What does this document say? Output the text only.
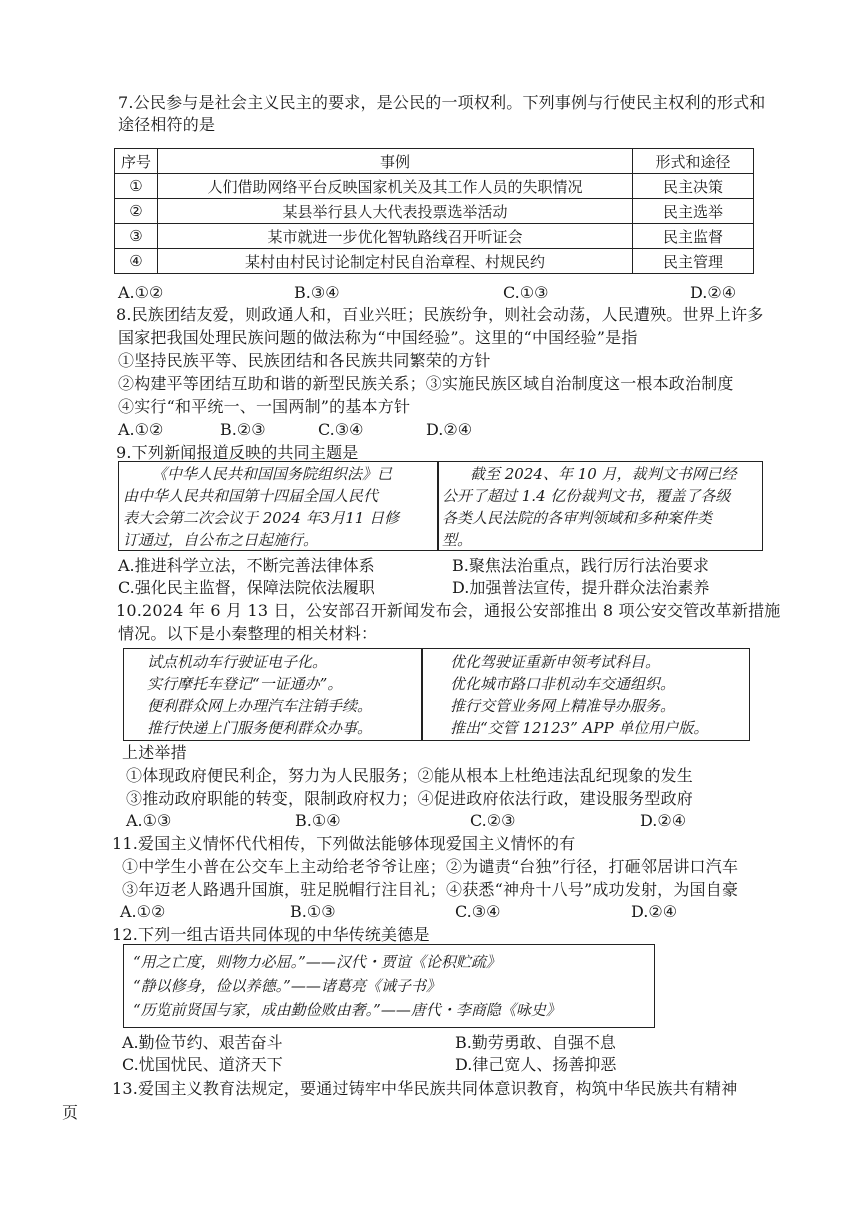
7.公民参与是社会主义民主的要求，是公民的一项权利。下列事例与行使民主权利的形式和
途径相符的是
序号	事例	形式和途径
①	人们借助网络平台反映国家机关及其工作人员的失职情况	民主决策
②	某县举行县人大代表投票选举活动	民主选举
③	某市就进一步优化智轨路线召开听证会	民主监督
④	某村由村民讨论制定村民自治章程、村规民约	民主管理
A.①②	B.③④	C.①③	D.②④
8.民族团结友爱，则政通人和，百业兴旺；民族纷争，则社会动荡，人民遭殃。世界上许多
国家把我国处理民族问题的做法称为“中国经验”。这里的“中国经验”是指
①坚持民族平等、民族团结和各民族共同繁荣的方针
②构建平等团结互助和谐的新型民族关系；③实施民族区域自治制度这一根本政治制度
④实行“和平统一、一国两制”的基本方针
A.①②	B.②③	C.③④	D.②④
9.下列新闻报道反映的共同主题是
《中华人民共和国国务院组织法》已
由中华人民共和国第十四届全国人民代
表大会第二次会议于 2024 年3月11 日修
订通过，自公布之日起施行。
截至 2024、年 10 月，裁判文书网已经
公开了超过 1.4 亿份裁判文书，覆盖了各级
各类人民法院的各审判领域和多种案件类
型。
A.推进科学立法，不断完善法律体系	B.聚焦法治重点，践行厉行法治要求
C.强化民主监督，保障法院依法履职	D.加强普法宣传，提升群众法治素养
10.2024 年 6 月 13 日，公安部召开新闻发布会，通报公安部推出 8 项公安交管改革新措施
情况。以下是小秦整理的相关材料：
试点机动车行驶证电子化。
实行摩托车登记“一证通办”。
便利群众网上办理汽车注销手续。
推行快递上门服务便利群众办事。
优化驾驶证重新申领考试科目。
优化城市路口非机动车交通组织。
推行交管业务网上精准导办服务。
推出“交管 12123” APP 单位用户版。
上述举措
①体现政府便民利企，努力为人民服务；②能从根本上杜绝违法乱纪现象的发生
③推动政府职能的转变，限制政府权力；④促进政府依法行政，建设服务型政府
A.①③	B.①④	C.②③	D.②④
11.爱国主义情怀代代相传，下列做法能够体现爱国主义情怀的有
①中学生小普在公交车上主动给老爷爷让座；②为谴责“台独”行径，打砸邻居讲口汽车
③年迈老人路遇升国旗，驻足脱帽行注目礼；④获悉“神舟十八号”成功发射，为国自豪
A.①②	B.①③	C.③④	D.②④
12.下列一组古语共同体现的中华传统美德是
“用之亡度，则物力必屈。”——汉代・贾谊《论积贮疏》
“静以修身，俭以养德。”——诸葛亮《诫子书》
“历览前贤国与家，成由勤俭败由奢。”——唐代・李商隐《咏史》
A.勤俭节约、艰苦奋斗	B.勤劳勇敢、自强不息
C.忧国忧民、道济天下	D.律己宽人、扬善抑恶
13.爱国主义教育法规定，要通过铸牢中华民族共同体意识教育，构筑中华民族共有精神
页
